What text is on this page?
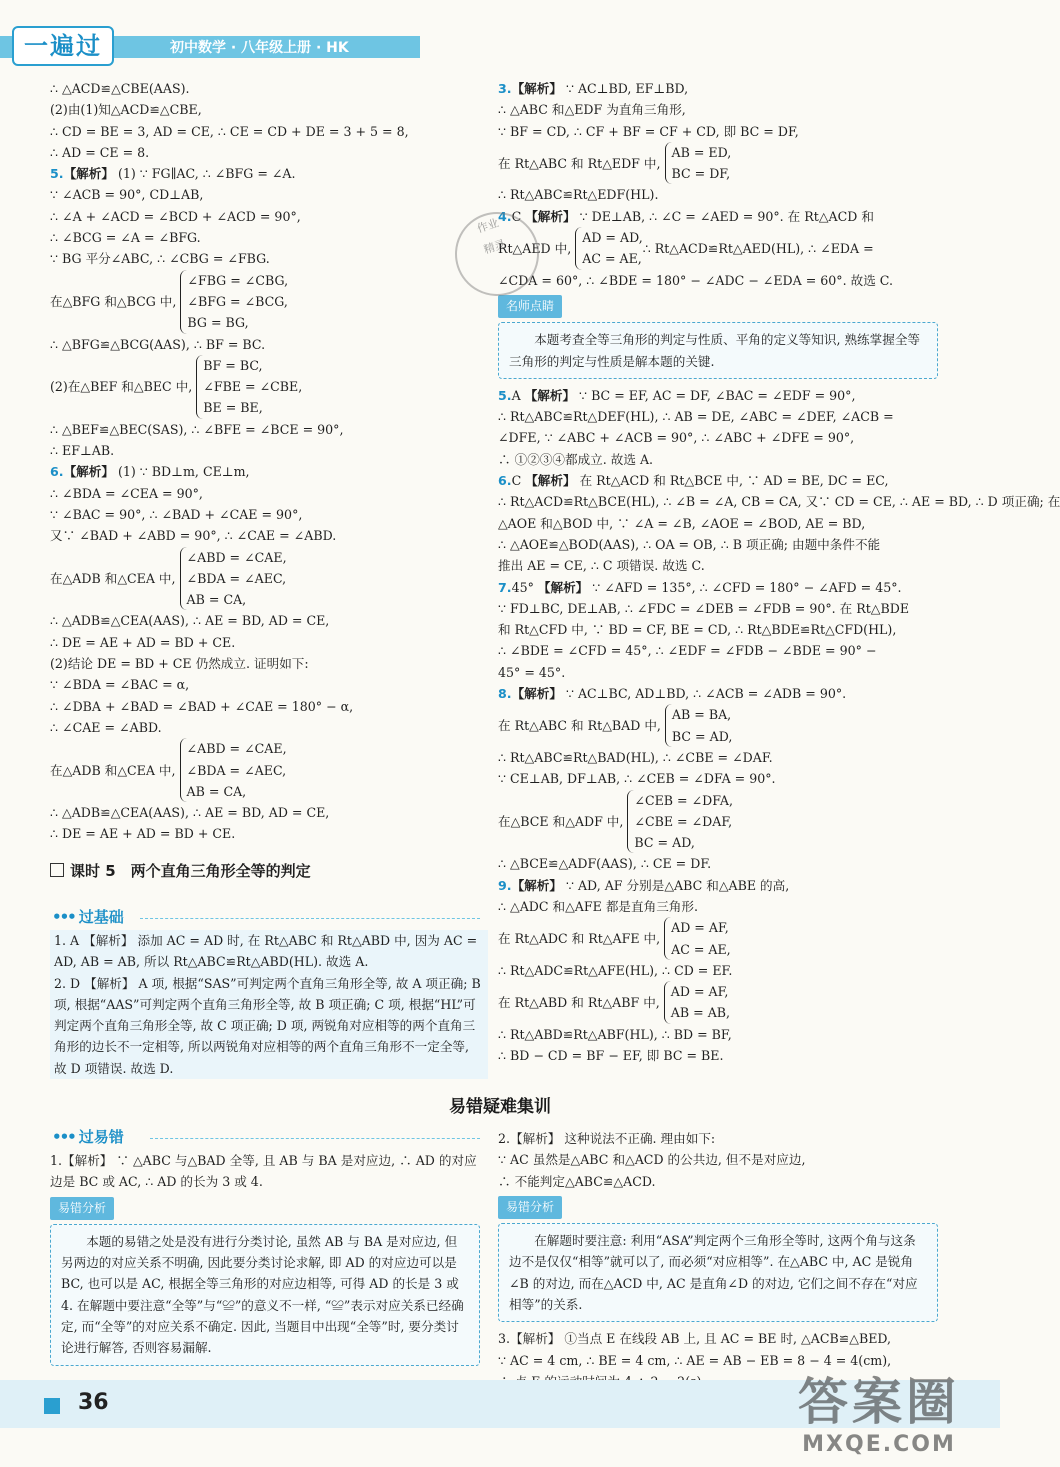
一遍过	初中数学 · 八年级上册 · HK
∴ △ACD≌△CBE(AAS).
(2)由(1)知△ACD≌△CBE,
∴ CD = BE = 3, AD = CE, ∴ CE = CD + DE = 3 + 5 = 8,
∴ AD = CE = 8.
5.【解析】 (1) ∵ FG∥AC, ∴ ∠BFG = ∠A.
∵ ∠ACB = 90°, CD⊥AB,
∴ ∠A + ∠ACD = ∠BCD + ∠ACD = 90°,
∴ ∠BCG = ∠A = ∠BFG.
∵ BG 平分∠ABC, ∴ ∠CBG = ∠FBG.
在△BFG 和△BCG 中,
∠FBG = ∠CBG,
∠BFG = ∠BCG,
BG = BG,
∴ △BFG≌△BCG(AAS), ∴ BF = BC.
(2)在△BEF 和△BEC 中,
BF = BC,
∠FBE = ∠CBE,
BE = BE,
∴ △BEF≌△BEC(SAS), ∴ ∠BFE = ∠BCE = 90°,
∴ EF⊥AB.
6.【解析】 (1) ∵ BD⊥m, CE⊥m,
∴ ∠BDA = ∠CEA = 90°,
∵ ∠BAC = 90°, ∴ ∠BAD + ∠CAE = 90°,
又∵ ∠BAD + ∠ABD = 90°, ∴ ∠CAE = ∠ABD.
在△ADB 和△CEA 中,
∠ABD = ∠CAE,
∠BDA = ∠AEC,
AB = CA,
∴ △ADB≌△CEA(AAS), ∴ AE = BD, AD = CE,
∴ DE = AE + AD = BD + CE.
(2)结论 DE = BD + CE 仍然成立. 证明如下:
∵ ∠BDA = ∠BAC = α,
∴ ∠DBA + ∠BAD = ∠BAD + ∠CAE = 180° − α,
∴ ∠CAE = ∠ABD.
在△ADB 和△CEA 中,
∠ABD = ∠CAE,
∠BDA = ∠AEC,
AB = CA,
∴ △ADB≌△CEA(AAS), ∴ AE = BD, AD = CE,
∴ DE = AE + AD = BD + CE.
3.【解析】 ∵ AC⊥BD, EF⊥BD,
∴ △ABC 和△EDF 为直角三角形,
∵ BF = CD, ∴ CF + BF = CF + CD, 即 BC = DF,
在 Rt△ABC 和 Rt△EDF 中,
AB = ED,
BC = DF,
∴ Rt△ABC≌Rt△EDF(HL).
4.C 【解析】 ∵ DE⊥AB, ∴ ∠C = ∠AED = 90°. 在 Rt△ACD 和
Rt△AED 中,
AD = AD,
AC = AE,
∴ Rt△ACD≌Rt△AED(HL), ∴ ∠EDA =
∠CDA = 60°, ∴ ∠BDE = 180° − ∠ADC − ∠EDA = 60°. 故选 C.
名师点睛
本题考查全等三角形的判定与性质、平角的定义等知识, 熟练掌握全等三角形的判定与性质是解本题的关键.
5.A 【解析】 ∵ BC = EF, AC = DF, ∠BAC = ∠EDF = 90°,
∴ Rt△ABC≌Rt△DEF(HL), ∴ AB = DE, ∠ABC = ∠DEF, ∠ACB =
∠DFE, ∵ ∠ABC + ∠ACB = 90°, ∴ ∠ABC + ∠DFE = 90°,
∴ ①②③④都成立. 故选 A.
6.C 【解析】 在 Rt△ACD 和 Rt△BCE 中, ∵ AD = BE, DC = EC,
∴ Rt△ACD≌Rt△BCE(HL), ∴ ∠B = ∠A, CB = CA, 又∵ CD = CE, ∴ AE = BD, ∴ D 项正确; 在
△AOE 和△BOD 中, ∵ ∠A = ∠B, ∠AOE = ∠BOD, AE = BD,
∴ △AOE≌△BOD(AAS), ∴ OA = OB, ∴ B 项正确; 由题中条件不能
推出 AE = CE, ∴ C 项错误. 故选 C.
7.45° 【解析】 ∵ ∠AFD = 135°, ∴ ∠CFD = 180° − ∠AFD = 45°.
∵ FD⊥BC, DE⊥AB, ∴ ∠FDC = ∠DEB = ∠FDB = 90°. 在 Rt△BDE
和 Rt△CFD 中, ∵ BD = CF, BE = CD, ∴ Rt△BDE≌Rt△CFD(HL),
∴ ∠BDE = ∠CFD = 45°, ∴ ∠EDF = ∠FDB − ∠BDE = 90° −
45° = 45°.
8.【解析】 ∵ AC⊥BC, AD⊥BD, ∴ ∠ACB = ∠ADB = 90°.
在 Rt△ABC 和 Rt△BAD 中,
AB = BA,
BC = AD,
∴ Rt△ABC≌Rt△BAD(HL), ∴ ∠CBE = ∠DAF.
∵ CE⊥AB, DF⊥AB, ∴ ∠CEB = ∠DFA = 90°.
在△BCE 和△ADF 中,
∠CEB = ∠DFA,
∠CBE = ∠DAF,
BC = AD,
∴ △BCE≌△ADF(AAS), ∴ CE = DF.
9.【解析】 ∵ AD, AF 分别是△ABC 和△ABE 的高,
∴ △ADC 和△AFE 都是直角三角形.
在 Rt△ADC 和 Rt△AFE 中,
AD = AF,
AC = AE,
∴ Rt△ADC≌Rt△AFE(HL), ∴ CD = EF.
在 Rt△ABD 和 Rt△ABF 中,
AD = AF,
AB = AB,
∴ Rt△ABD≌Rt△ABF(HL), ∴ BD = BF,
∴ BD − CD = BF − EF, 即 BC = BE.
作业
精灵
课时 5　两个直角三角形全等的判定
••• 过基础

1. A 【解析】 添加 AC = AD 时, 在 Rt△ABC 和 Rt△ABD 中, 因为 AC = AD, AB = AB, 所以 Rt△ABC≌Rt△ABD(HL). 故选 A.

2. D 【解析】 A 项, 根据“SAS”可判定两个直角三角形全等, 故 A 项正确; B 项, 根据“AAS”可判定两个直角三角形全等, 故 B 项正确; C 项, 根据“HL”可判定两个直角三角形全等, 故 C 项正确; D 项, 两锐角对应相等的两个直角三角形的边长不一定相等, 所以两锐角对应相等的两个直角三角形不一定全等, 故 D 项错误. 故选 D.

易错疑难集训
••• 过易错

1.【解析】 ∵ △ABC 与△BAD 全等, 且 AB 与 BA 是对应边, ∴ AD 的对应边是 BC 或 AC, ∴ AD 的长为 3 或 4.

易错分析
本题的易错之处是没有进行分类讨论, 虽然 AB 与 BA 是对应边, 但另两边的对应关系不明确, 因此要分类讨论求解, 即 AD 的对应边可以是 BC, 也可以是 AC, 根据全等三角形的对应边相等, 可得 AD 的长是 3 或 4. 在解题中要注意“全等”与“≌”的意义不一样, “≌”表示对应关系已经确定, 而“全等”的对应关系不确定. 因此, 当题目中出现“全等”时, 要分类讨论进行解答, 否则容易漏解.

2.【解析】 这种说法不正确. 理由如下:

∵ AC 虽然是△ABC 和△ACD 的公共边, 但不是对应边,

∴ 不能判定△ABC≌△ACD.

易错分析
在解题时要注意: 利用“ASA”判定两个三角形全等时, 这两个角与这条边不是仅仅“相等”就可以了, 而必须“对应相等”. 在△ABC 中, AC 是锐角∠B 的对边, 而在△ACD 中, AC 是直角∠D 的对边, 它们之间不存在“对应相等”的关系.

3.【解析】 ①当点 E 在线段 AB 上, 且 AC = BE 时, △ACB≌△BED,

∵ AC = 4 cm, ∴ BE = 4 cm, ∴ AE = AB − EB = 8 − 4 = 4(cm),

36	答案圈
MXQE.COM
